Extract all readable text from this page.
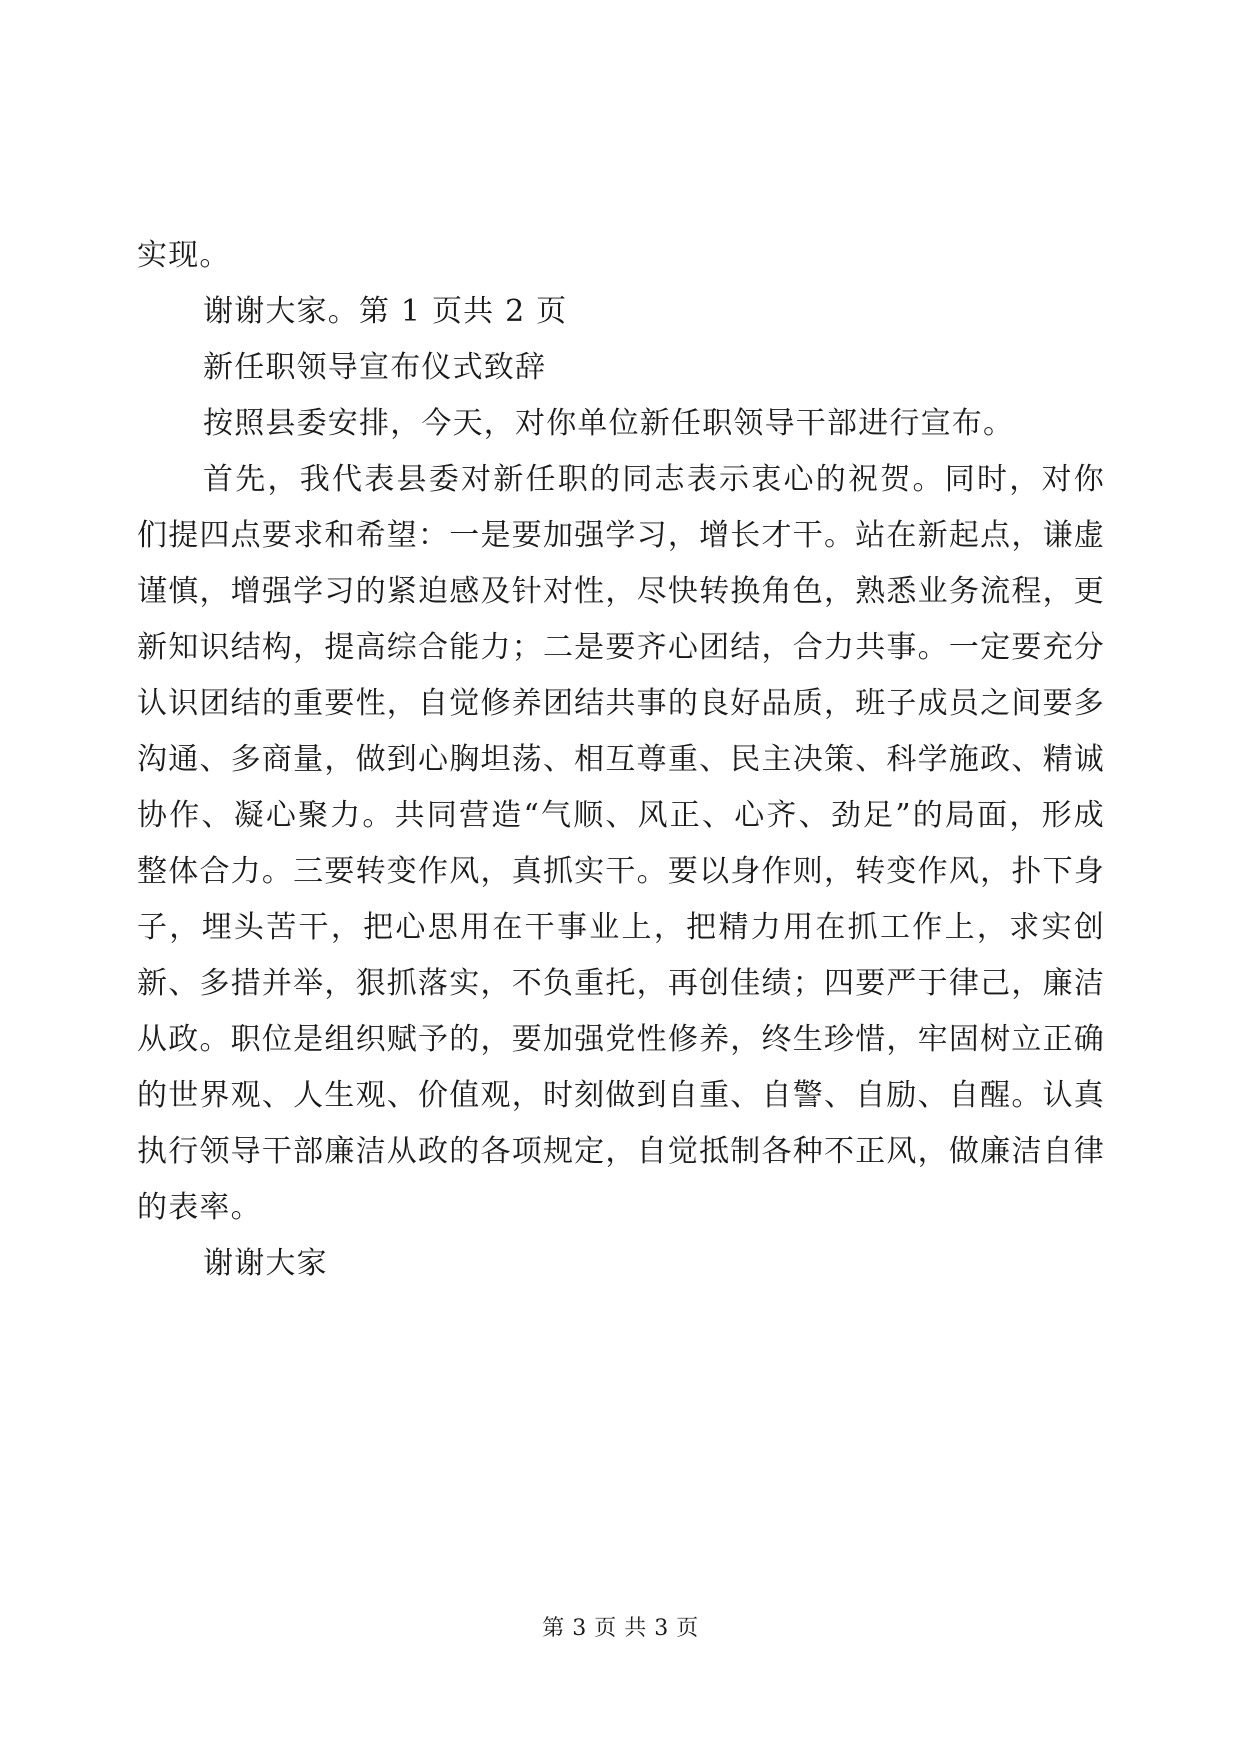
实现。

谢谢大家。第 1 页共 2 页

新任职领导宣布仪式致辞

按照县委安排，今天，对你单位新任职领导干部进行宣布。

首先，我代表县委对新任职的同志表示衷心的祝贺。同时，对你们提四点要求和希望：一是要加强学习，增长才干。站在新起点，谦虚谨慎，增强学习的紧迫感及针对性，尽快转换角色，熟悉业务流程，更新知识结构，提高综合能力；二是要齐心团结，合力共事。一定要充分认识团结的重要性，自觉修养团结共事的良好品质，班子成员之间要多沟通、多商量，做到心胸坦荡、相互尊重、民主决策、科学施政、精诚协作、凝心聚力。共同营造“气顺、风正、心齐、劲足”的局面，形成整体合力。三要转变作风，真抓实干。要以身作则，转变作风，扑下身子，埋头苦干，把心思用在干事业上，把精力用在抓工作上，求实创新、多措并举，狠抓落实，不负重托，再创佳绩；四要严于律己，廉洁从政。职位是组织赋予的，要加强党性修养，终生珍惜，牢固树立正确的世界观、人生观、价值观，时刻做到自重、自警、自励、自醒。认真执行领导干部廉洁从政的各项规定，自觉抵制各种不正风，做廉洁自律的表率。

谢谢大家

第 3 页 共 3 页
